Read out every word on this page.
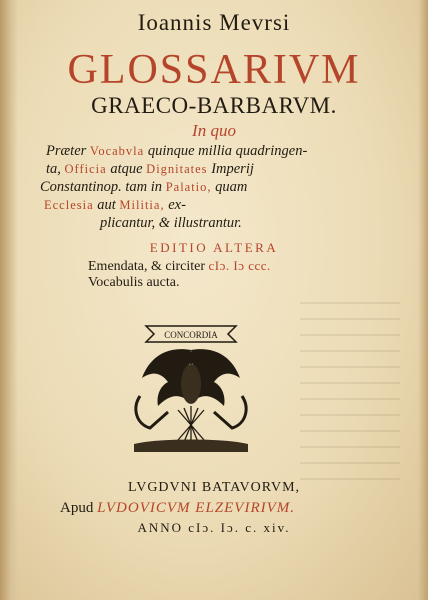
Ioannis Mevrsi
GLOSSARIVM
GRAECO-BARBARVM.
In quo
Præter Vocabvla quinque millia quadringen-
ta, Officia atque Dignitates Imperij
Constantinop. tam in Palatio, quam
Ecclesia aut Militia, ex-
plicantur, & illustrantur.
EDITIO ALTERA
Emendata, & circiter cIɔ. Iɔ ccc.
Vocabulis aucta.
CONCORDIA
LVGDVNI BATAVORVM,
Apud LVDOVICVM ELZEVIRIVM.
ANNO cIɔ. Iɔ. c. xiv.
